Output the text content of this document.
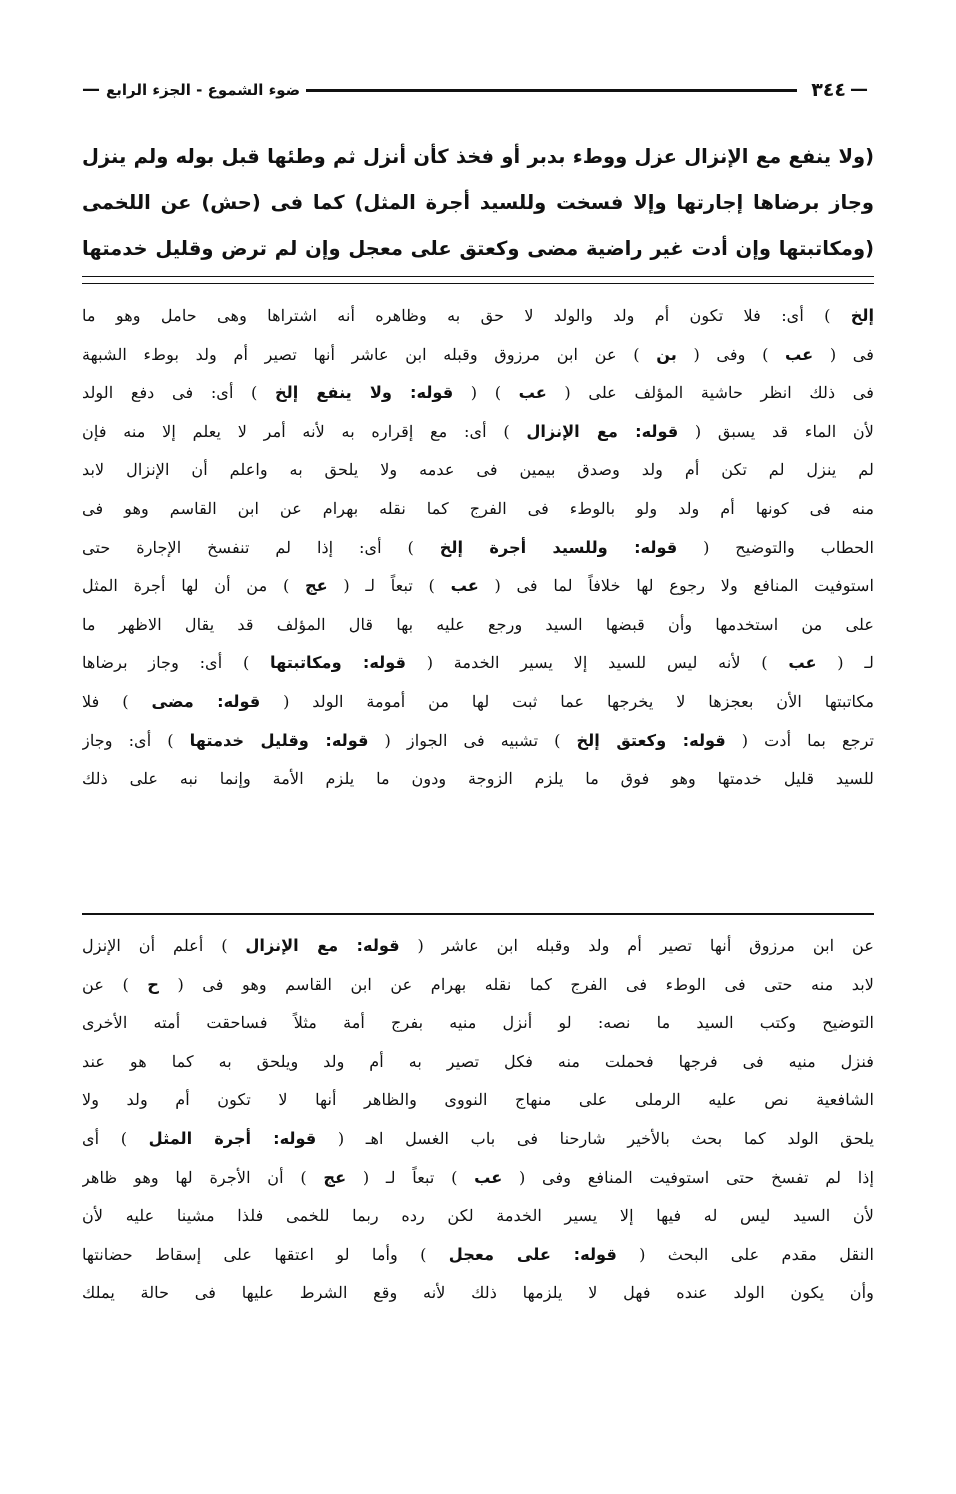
—
٣٤٤
ضوء الشموع - الجزء الرابع
—
(ولا ينفع مع الإنزال عزل ووطء بدبر أو فخذ كأن أنزل ثم وطئها قبل بوله ولم ينزل
وجاز برضاها إجارتها وإلا فسخت وللسيد أجرة المثل) كما فى (حش) عن اللخمى
(ومكاتبتها وإن أدت غير راضية مضى وكعتق على معجل وإن لم ترض وقليل خدمتها
إلخ ) أى: فلا تكون أم ولد والولد لا حق به وظاهره أنه اشتراها وهى حامل وهو ما
فى ( عب ) وفى ( بن ) عن ابن مرزوق وقبله ابن عاشر أنها تصير أم ولد بوطء الشبهة
فى ذلك انظر حاشية المؤلف على ( عب ) ( قوله: ولا ينفع إلخ ) أى: فى دفع الولد
لأن الماء قد يسبق ( قوله: مع الإنزال ) أى: مع إقراره به لأنه أمر لا يعلم إلا منه فإن
لم ينزل لم تكن أم ولد وصدق بيمين فى عدمه ولا يلحق به واعلم أن الإنزال لابد
منه فى كونها أم ولد ولو بالوطء فى الفرج كما نقله بهرام عن ابن القاسم وهو فى
الحطاب والتوضيح ( قوله: وللسيد أجرة إلخ ) أى: إذا لم تنفسخ الإجارة حتى
استوفيت المنافع ولا رجوع لها خلافاً لما فى ( عب ) تبعاً لـ ( عج ) من أن لها أجرة المثل
على من استخدمها وأن قبضها السيد ورجع عليه بها قال المؤلف قد يقال الاظهر ما
لـ ( عب ) لأنه ليس للسيد إلا يسير الخدمة ( قوله: ومكاتبتها ) أى: وجاز برضاها
مكاتبتها الأن بعجزها لا يخرجها عما ثبت لها من أمومة الولد ( قوله: مضى ) فلا
ترجع بما أدت ( قوله: وكعتق إلخ ) تشبيه فى الجواز ( قوله: وقليل خدمتها ) أى: وجاز
للسيد قليل خدمتها وهو فوق ما يلزم الزوجة ودون ما يلزم الأمة وإنما نبه على ذلك
عن ابن مرزوق أنها تصير أم ولد وقبله ابن عاشر ( قوله: مع الإنزال ) أعلم أن الإنزل
لابد منه حتى فى الوطء فى الفرج كما نقله بهرام عن ابن القاسم وهو فى ( ح ) عن
التوضيح وكتب السيد ما نصه: لو أنزل منيه بفرج أمة مثلاً فساحقت أمته الأخرى
فنزل منيه فى فرجها فحملت منه فكل تصير به أم ولد ويلحق به كما هو عند
الشافعية نص عليه الرملى على منهاج النووى والظاهر أنها لا تكون أم ولد ولا
يلحق الولد كما بحث بالأخير شارحنا فى باب الغسل اهـ ( قوله: أجرة المثل ) أى
إذا لم تفسخ حتى استوفيت المنافع وفى ( عب ) تبعاً لـ ( عج ) أن الأجرة لها وهو ظاهر
لأن السيد ليس له فيها إلا يسير الخدمة لكن رده ربما للخمى فلذا مشينا عليه لأن
النقل مقدم على البحث ( قوله: على معجل ) وأما لو اعتقها على إسقاط حضانتها
وأن يكون الولد عنده فهل لا يلزمها ذلك لأنه وقع الشرط عليها فى حالة يملك
